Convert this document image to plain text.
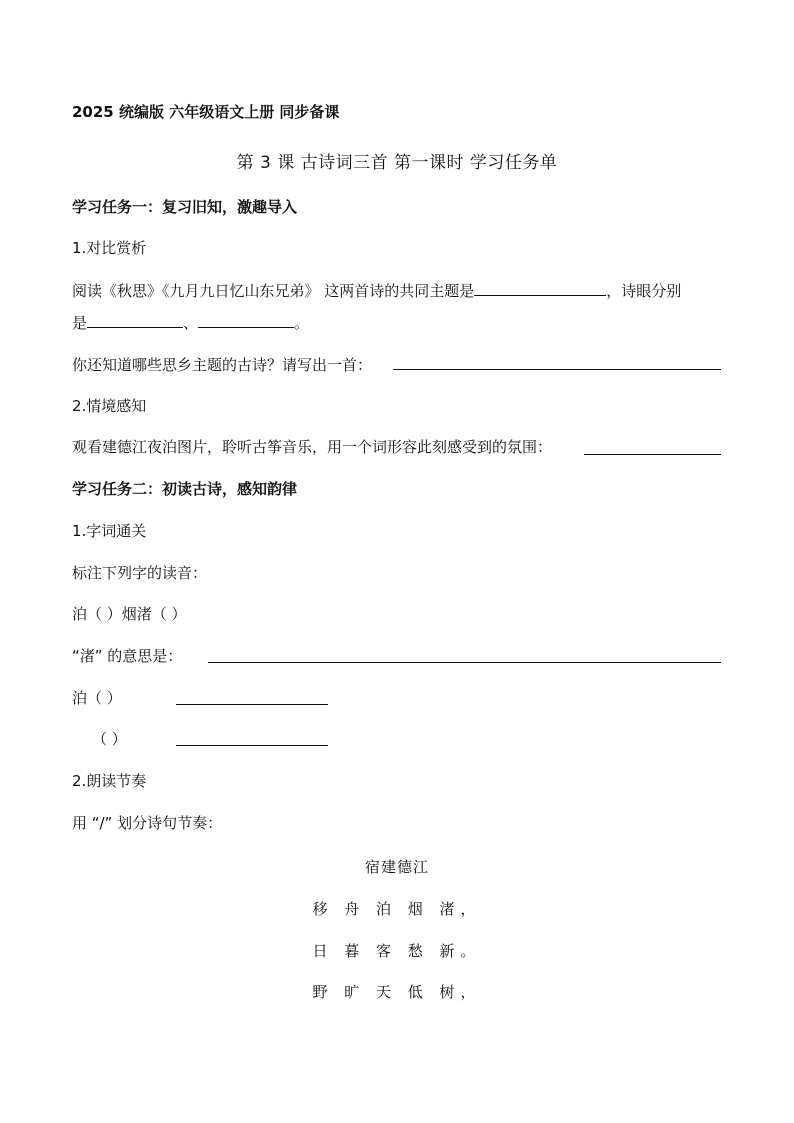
2025 统编版 六年级语文上册 同步备课
第 3 课 古诗词三首 第一课时 学习任务单
学习任务一：复习旧知，激趣导入
1.对比赏析
阅读《秋思》《九月九日忆山东兄弟》 这两首诗的共同主题是	，诗眼分别
是	、	。
你还知道哪些思乡主题的古诗？请写出一首：
2.情境感知
观看建德江夜泊图片，聆听古筝音乐，用一个词形容此刻感受到的氛围：
学习任务二：初读古诗，感知韵律
1.字词通关
标注下列字的读音：
泊（ ）烟渚（ ）
“渚” 的意思是：
泊（ ）
（ ）
2.朗读节奏
用 “/” 划分诗句节奏：
宿建德江
移 舟 泊 烟 渚，
日 暮 客 愁 新。
野 旷 天 低 树，
